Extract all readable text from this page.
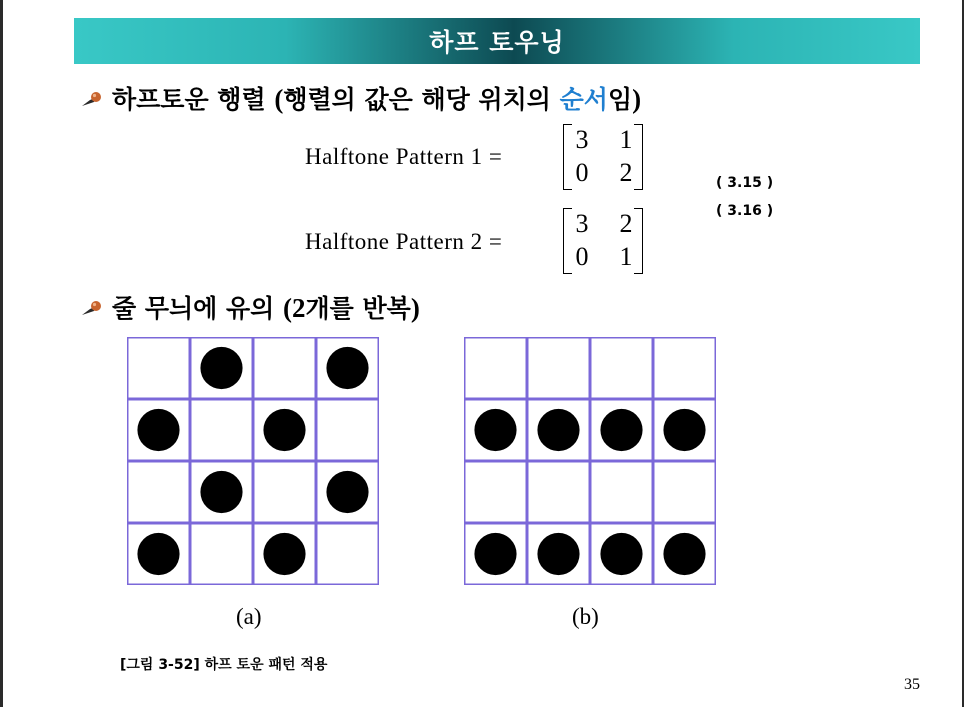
하프 토우닝
하프토운 행렬 (행렬의 값은 해당 위치의 순서임)
Halftone Pattern 1 =
3 1
0 2	( 3.15 )
( 3.16 )
Halftone Pattern 2 =
3 2
0 1
줄 무늬에 유의 (2개를 반복)
(a)	(b)
[그림 3-52] 하프 토운 패턴 적용
35
